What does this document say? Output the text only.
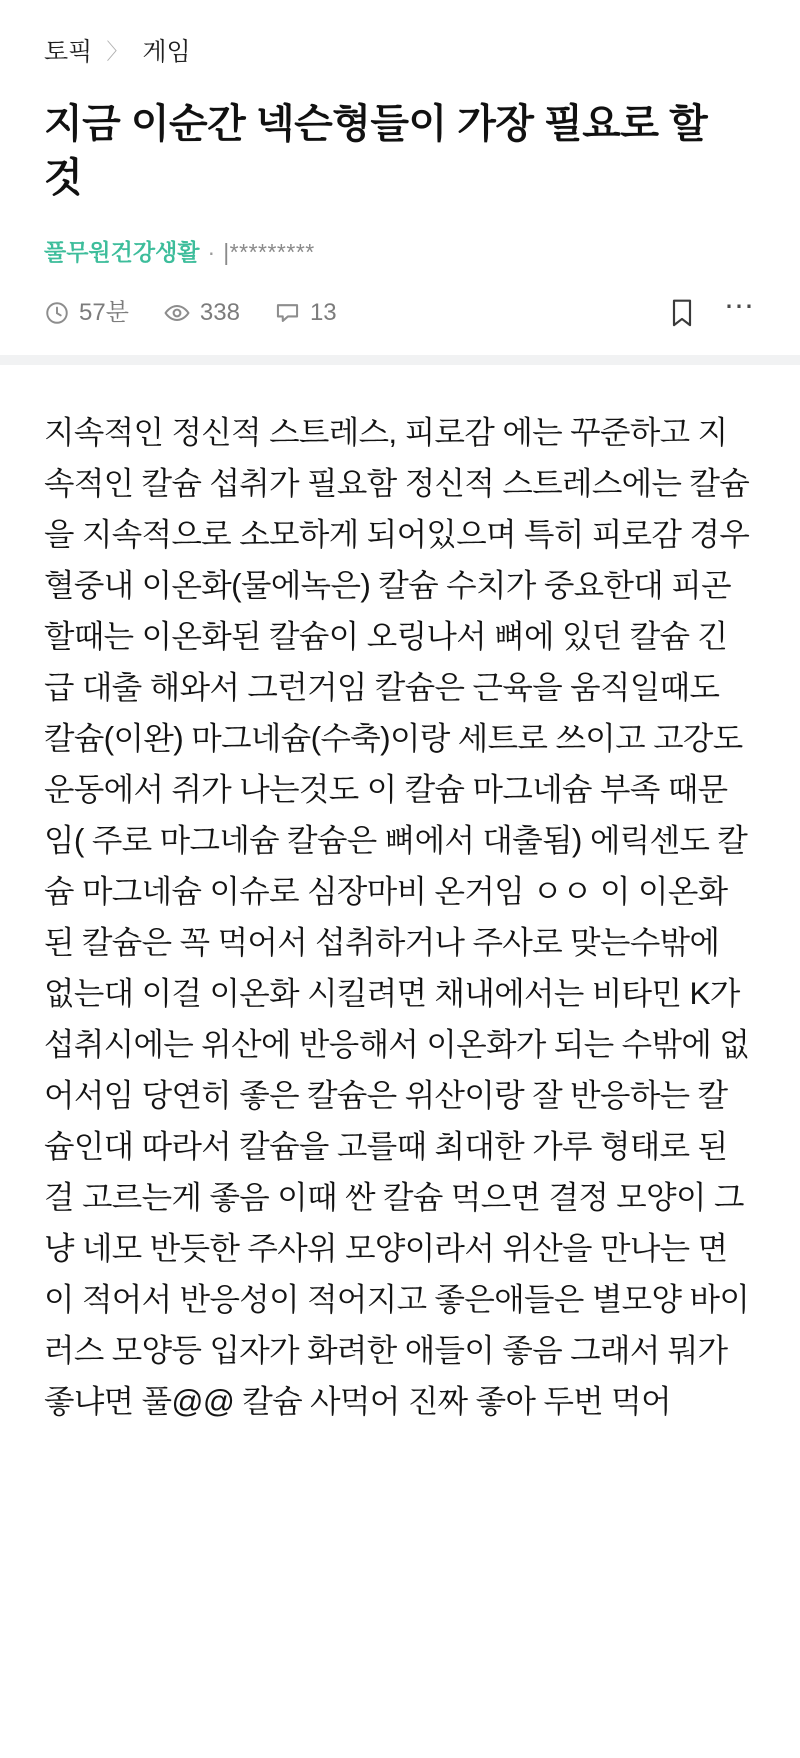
토픽 〉 게임
지금 이순간 넥슨형들이 가장 필요로 할 것
풀무원건강생활 · |*********
57분	338	13	⋯
지속적인 정신적 스트레스, 피로감 에는 꾸준하고 지속적인 칼슘 섭취가 필요함 정신적 스트레스에는 칼슘을 지속적으로 소모하게 되어있으며 특히 피로감 경우 혈중내 이온화(물에녹은) 칼슘 수치가 중요한대 피곤할때는 이온화된 칼슘이 오링나서 뼈에 있던 칼슘 긴급 대출 해와서 그런거임 칼슘은 근육을 움직일때도 칼슘(이완) 마그네슘(수축)이랑 세트로 쓰이고 고강도 운동에서 쥐가 나는것도 이 칼슘 마그네슘 부족 때문임( 주로 마그네슘 칼슘은 뼈에서 대출됨) 에릭센도 칼슘 마그네슘 이슈로 심장마비 온거임 ㅇㅇ 이 이온화된 칼슘은 꼭 먹어서 섭취하거나 주사로 맞는수밖에 없는대 이걸 이온화 시킬려면 채내에서는 비타민 K가 섭취시에는 위산에 반응해서 이온화가 되는 수밖에 없어서임 당연히 좋은 칼슘은 위산이랑 잘 반응하는 칼슘인대 따라서 칼슘을 고를때 최대한 가루 형태로 된걸 고르는게 좋음 이때 싼 칼슘 먹으면 결정 모양이 그냥 네모 반듯한 주사위 모양이라서 위산을 만나는 면이 적어서 반응성이 적어지고 좋은애들은 별모양 바이러스 모양등 입자가 화려한 애들이 좋음 그래서 뭐가 좋냐면 풀@@ 칼슘 사먹어 진짜 좋아 두번 먹어
